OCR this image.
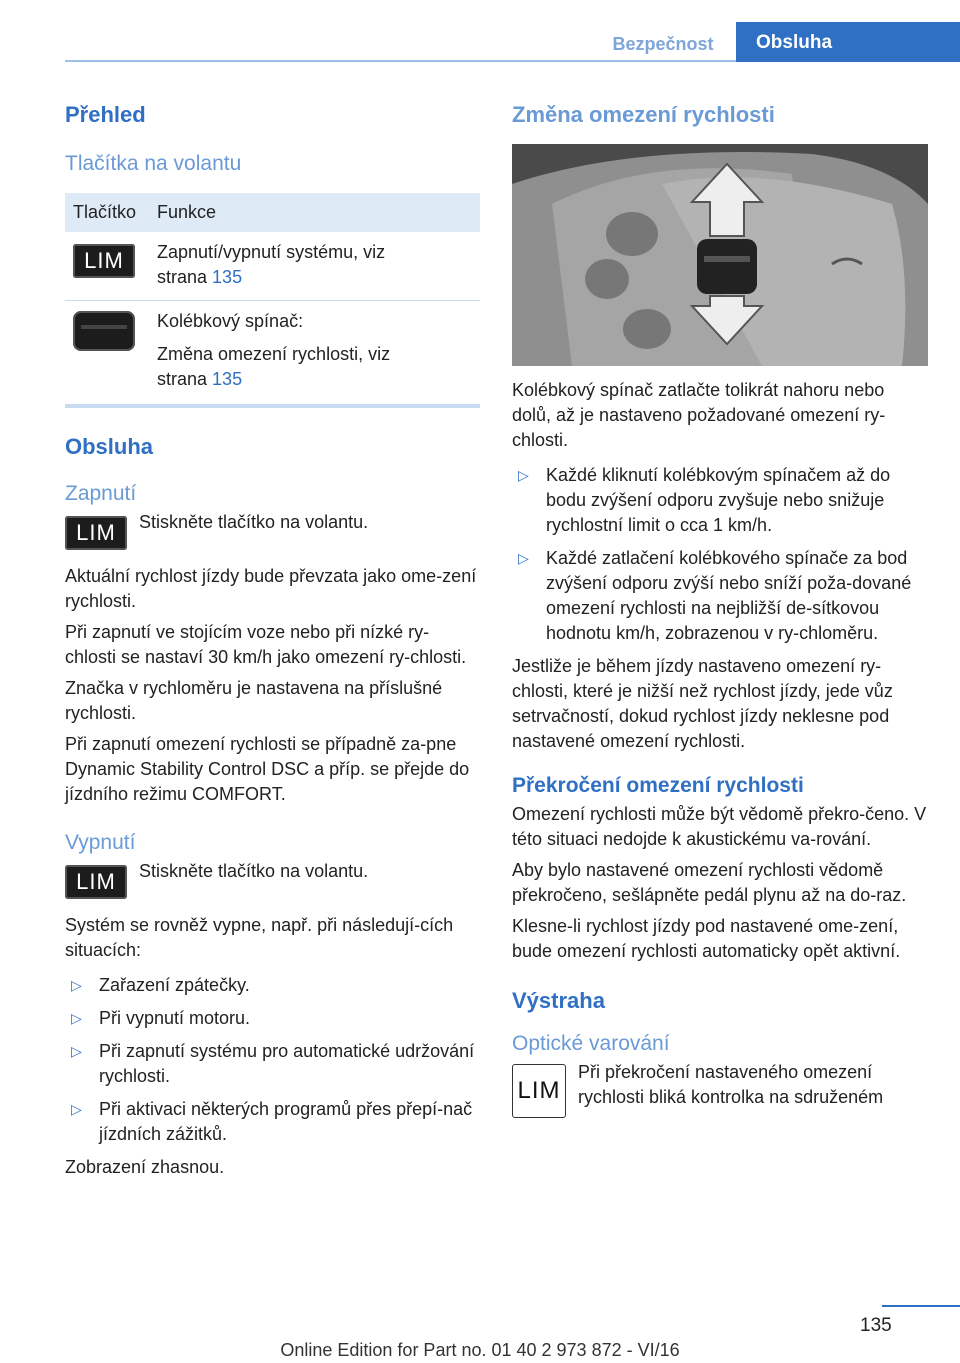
Bezpečnost	Obsluha
Přehled
Tlačítka na volantu
Tlačítko	Funkce

LIM	Zapnutí/vypnutí systému, viz
strana 135

	Kolébkový spínač:
Změna omezení rychlosti, viz
strana 135
Obsluha
Zapnutí
LIM	Stiskněte tlačítko na volantu.

Aktuální rychlost jízdy bude převzata jako ome-zení rychlosti.

Při zapnutí ve stojícím voze nebo při nízké ry-chlosti se nastaví 30 km/h jako omezení ry-chlosti.

Značka v rychloměru je nastavena na příslušné rychlosti.

Při zapnutí omezení rychlosti se případně za-pne Dynamic Stability Control DSC a příp. se přejde do jízdního režimu COMFORT.

Vypnutí
LIM	Stiskněte tlačítko na volantu.

Systém se rovněž vypne, např. při následují-cích situacích:

▷ Zařazení zpátečky.
▷ Při vypnutí motoru.
▷ Při zapnutí systému pro automatické udržování rychlosti.
▷ Při aktivaci některých programů přes přepí-nač jízdních zážitků.

Zobrazení zhasnou.

Změna omezení rychlosti

Kolébkový spínač zatlačte tolikrát nahoru nebo dolů, až je nastaveno požadované omezení ry-chlosti.

▷ Každé kliknutí kolébkovým spínačem až do bodu zvýšení odporu zvyšuje nebo snižuje rychlostní limit o cca 1 km/h.
▷ Každé zatlačení kolébkového spínače za bod zvýšení odporu zvýší nebo sníží poža-dované omezení rychlosti na nejbližší de-sítkovou hodnotu km/h, zobrazenou v ry-chloměru.

Jestliže je během jízdy nastaveno omezení ry-chlosti, které je nižší než rychlost jízdy, jede vůz setrvačností, dokud rychlost jízdy neklesne pod nastavené omezení rychlosti.

Překročení omezení rychlosti

Omezení rychlosti může být vědomě překro-čeno. V této situaci nedojde k akustickému va-rování.

Aby bylo nastavené omezení rychlosti vědomě překročeno, sešlápněte pedál plynu až na do-raz.

Klesne-li rychlost jízdy pod nastavené ome-zení, bude omezení rychlosti automaticky opět aktivní.

Výstraha
Optické varování
LIM
Při překročení nastaveného omezení rychlosti bliká kontrolka na sdruženém
135
Online Edition for Part no. 01 40 2 973 872 - VI/16
